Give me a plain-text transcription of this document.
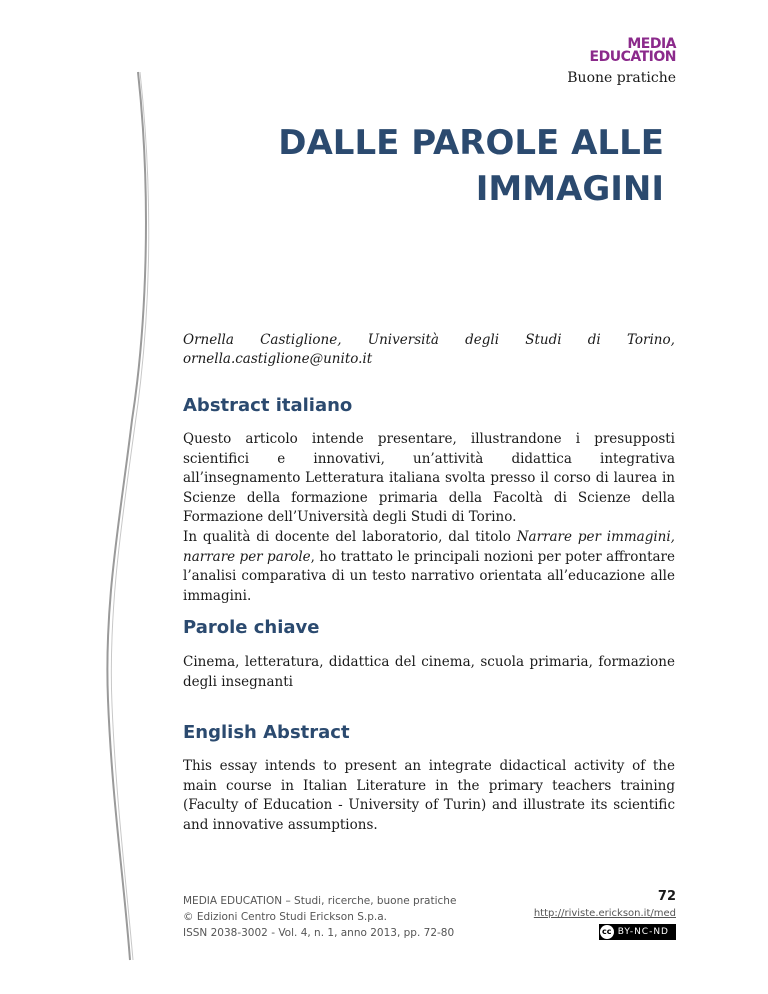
MEDIA
EDUCATION
Buone pratiche
DALLE PAROLE ALLE
IMMAGINI
Ornella Castiglione, Università degli Studi di Torino,
ornella.castiglione@unito.it
Abstract italiano

Questo articolo intende presentare, illustrandone i presupposti scientifici e innovativi, un’attività didattica integrativa all’insegnamento Letteratura italiana svolta presso il corso di laurea in Scienze della formazione primaria della Facoltà di Scienze della Formazione dell’Università degli Studi di Torino.

In qualità di docente del laboratorio, dal titolo Narrare per immagini, narrare per parole, ho trattato le principali nozioni per poter affrontare l’analisi comparativa di un testo narrativo orientata all’educazione alle immagini.

Parole chiave
Cinema, letteratura, didattica del cinema, scuola primaria, formazione degli insegnanti
English Abstract
This essay intends to present an integrate didactical activity of the main course in Italian Literature in the primary teachers training (Faculty of Education - University of Turin) and illustrate its scientific and innovative assumptions.
MEDIA EDUCATION – Studi, ricerche, buone pratiche
© Edizioni Centro Studi Erickson S.p.a.
ISSN 2038-3002 - Vol. 4, n. 1, anno 2013, pp. 72-80
72
http://riviste.erickson.it/med
cc BY-NC-ND
